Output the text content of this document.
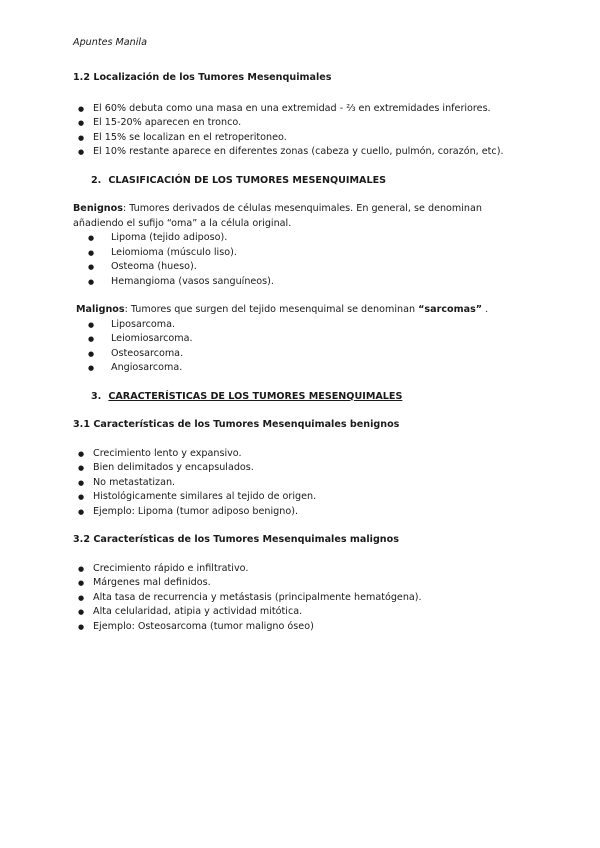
Apuntes Manila
1.2 Localización de los Tumores Mesenquimales
● El 60% debuta como una masa en una extremidad - ⅔ en extremidades inferiores.
● El 15-20% aparecen en tronco.
● El 15% se localizan en el retroperitoneo.
● El 10% restante aparece en diferentes zonas (cabeza y cuello, pulmón, corazón, etc).
2. CLASIFICACIÓN DE LOS TUMORES MESENQUIMALES

Benignos: Tumores derivados de células mesenquimales. En general, se denominan añadiendo el sufijo “oma” a la célula original.

● Lipoma (tejido adiposo).
● Leiomioma (músculo liso).
● Osteoma (hueso).
● Hemangioma (vasos sanguíneos).

Malignos: Tumores que surgen del tejido mesenquimal se denominan “sarcomas” .

● Liposarcoma.
● Leiomiosarcoma.
● Osteosarcoma.
● Angiosarcoma.
3. CARACTERÍSTICAS DE LOS TUMORES MESENQUIMALES
3.1 Características de los Tumores Mesenquimales benignos
● Crecimiento lento y expansivo.
● Bien delimitados y encapsulados.
● No metastatizan.
● Histológicamente similares al tejido de origen.
● Ejemplo: Lipoma (tumor adiposo benigno).
3.2 Características de los Tumores Mesenquimales malignos
● Crecimiento rápido e infiltrativo.
● Márgenes mal definidos.
● Alta tasa de recurrencia y metástasis (principalmente hematógena).
● Alta celularidad, atipia y actividad mitótica.
● Ejemplo: Osteosarcoma (tumor maligno óseo)
